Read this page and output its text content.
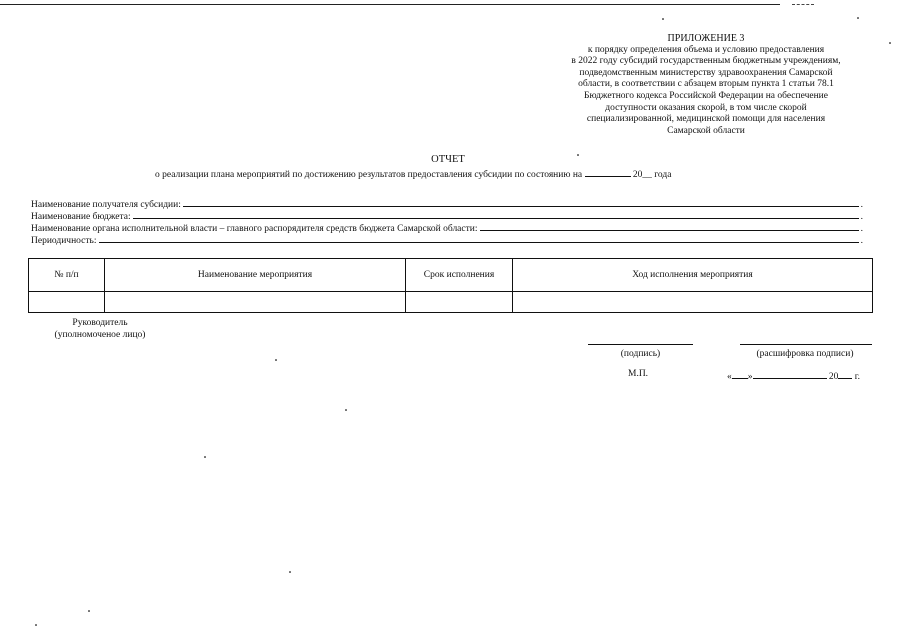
ПРИЛОЖЕНИЕ 3
к порядку определения объема и условию предоставления
в 2022 году субсидий государственным бюджетным учреждениям,
подведомственным министерству здравоохранения Самарской
области, в соответствии с абзацем вторым пункта 1 статьи 78.1
Бюджетного кодекса Российской Федерации на обеспечение
доступности оказания скорой, в том числе скорой
специализированной, медицинской помощи для населения
Самарской области
ОТЧЕТ
о реализации плана мероприятий по достижению результатов предоставления субсидии по состоянию на	20__ года
Наименование получателя субсидии:	.
Наименование бюджета:	.
Наименование органа исполнительной власти – главного распорядителя средств бюджета Самарской области:	.
Периодичность:	.
№ п/п	Наименование мероприятия	Срок исполнения	Ход исполнения мероприятия

Руководитель
(уполномоченое лицо)
(подпись)	(расшифровка подписи)
М.П.	« »	20 г.
